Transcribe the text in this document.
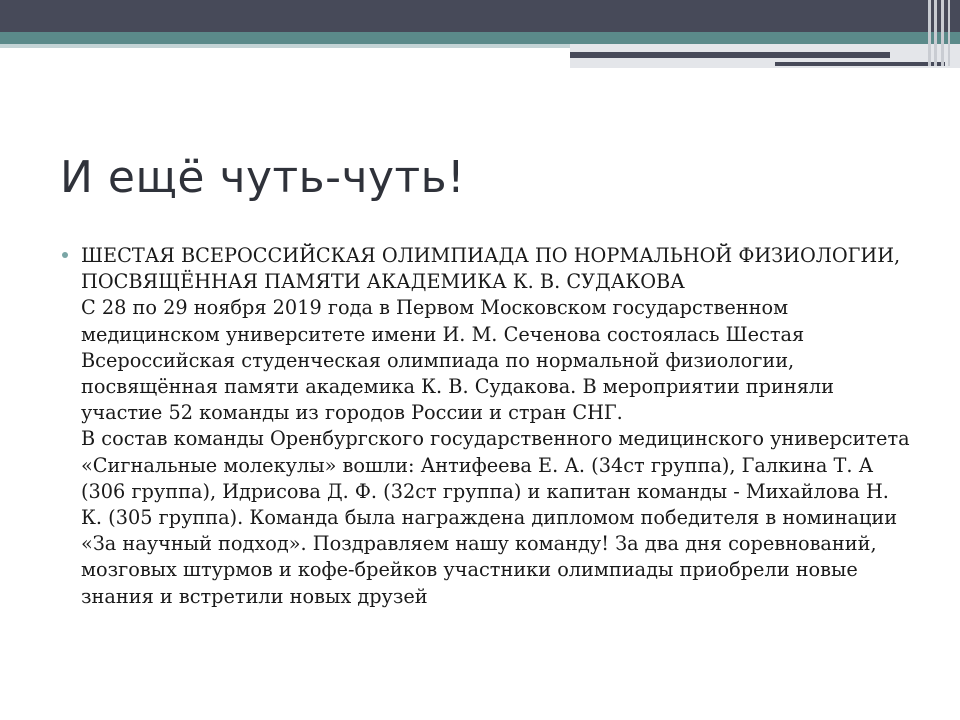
И ещё чуть-чуть!

ШЕСТАЯ ВСЕРОССИЙСКАЯ ОЛИМПИАДА ПО НОРМАЛЬНОЙ ФИЗИОЛОГИИ, ПОСВЯЩЁННАЯ ПАМЯТИ АКАДЕМИКА К. В. СУДАКОВА

С 28 по 29 ноября 2019 года в Первом Московском государственном медицинском университете имени И. М. Сеченова состоялась Шестая Всероссийская студенческая олимпиада по нормальной физиологии, посвящённая памяти академика К. В. Судакова. В мероприятии приняли участие 52 команды из городов России и стран СНГ.

В состав команды Оренбургского государственного медицинского университета «Сигнальные молекулы» вошли: Антифеева Е. А. (34ст группа), Галкина Т. А (306 группа), Идрисова Д. Ф. (32ст группа) и капитан команды - Михайлова Н. К. (305 группа). Команда была награждена дипломом победителя в номинации «За научный подход». Поздравляем нашу команду! За два дня соревнований, мозговых штурмов и кофе-брейков участники олимпиады приобрели новые знания и встретили новых друзей
